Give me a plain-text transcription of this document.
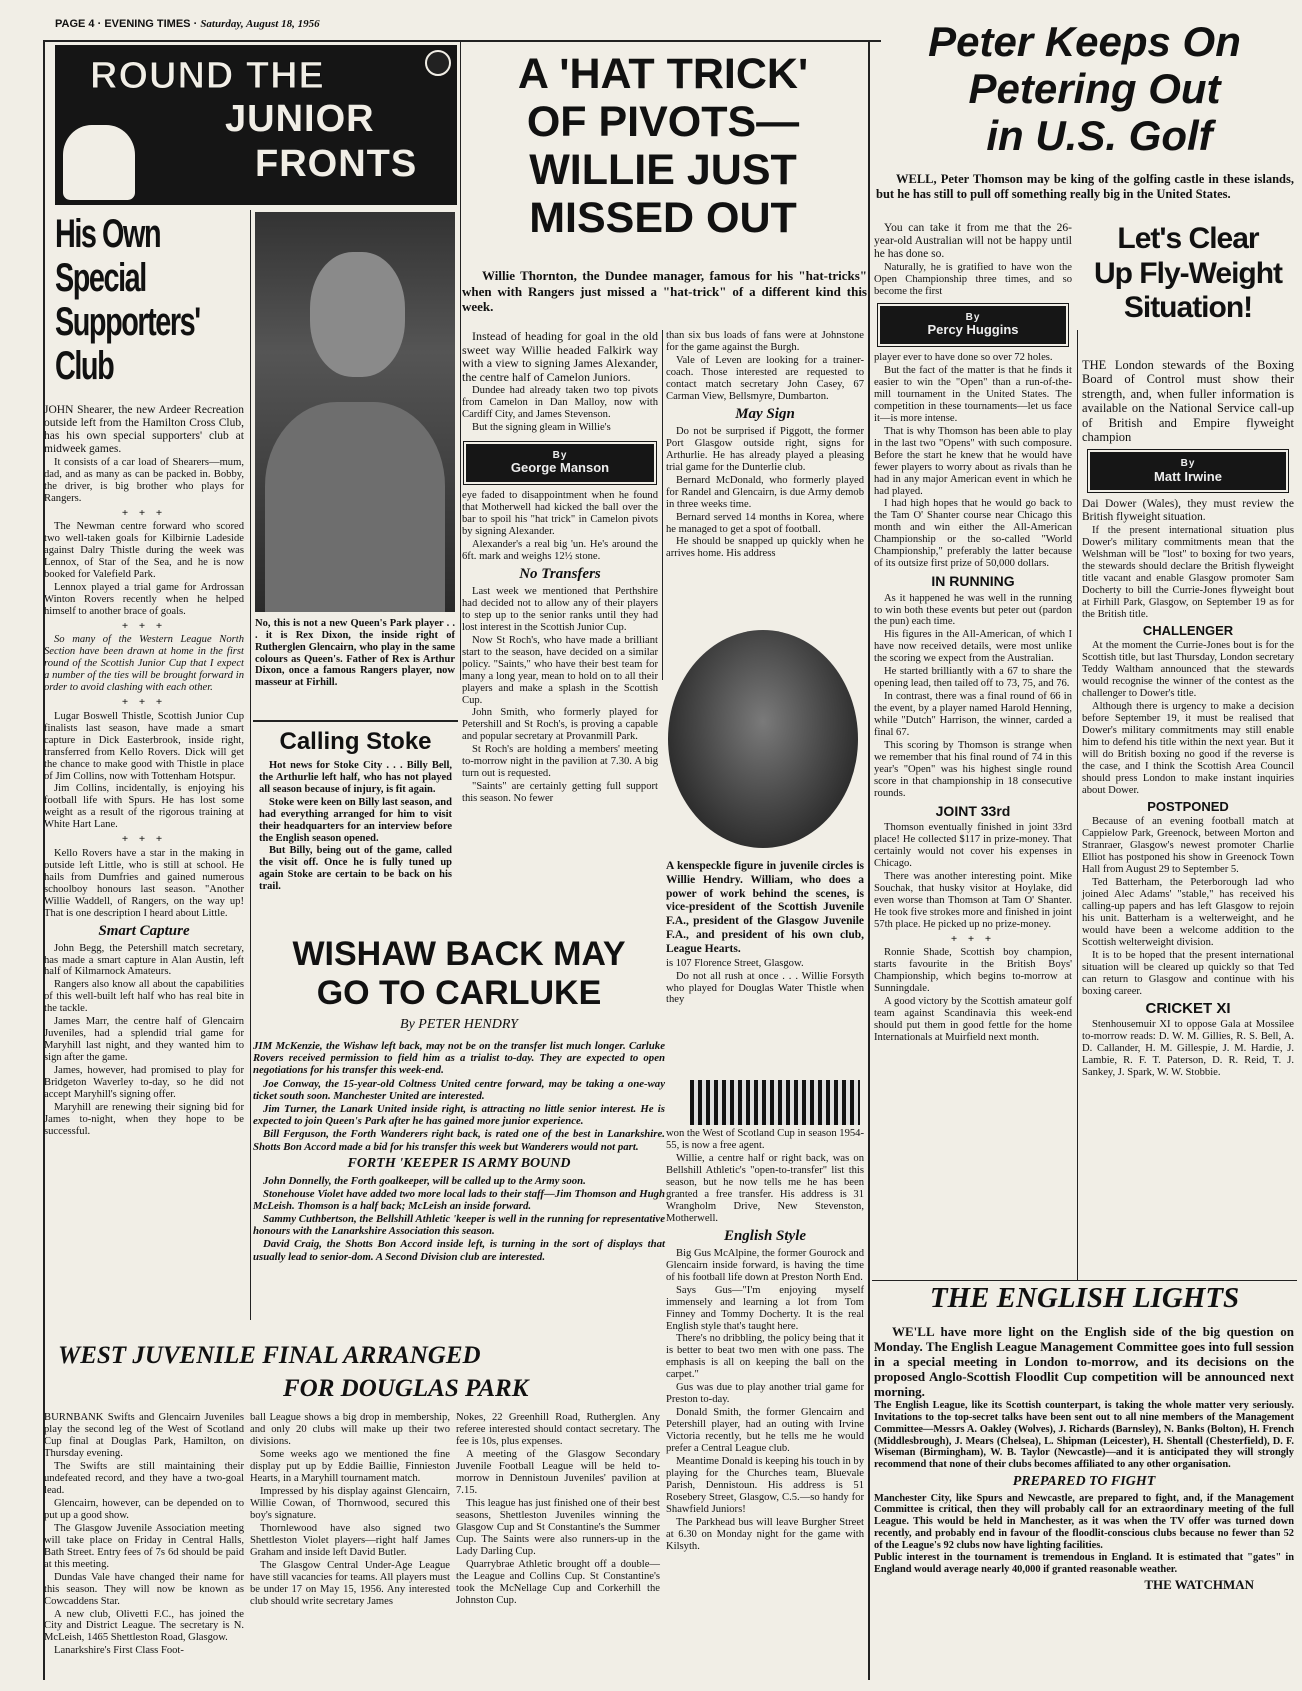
PAGE 4 · EVENING TIMES · Saturday, August 18, 1956
ROUND THE
JUNIOR
FRONTS
His Own Special Supporters' Club

JOHN Shearer, the new Ardeer Recreation outside left from the Hamilton Cross Club, has his own special supporters' club at midweek games.

It consists of a car load of Shearers—mum, dad, and as many as can be packed in. Bobby, the driver, is big brother who plays for Rangers.

+ + +

The Newman centre forward who scored two well-taken goals for Kilbirnie Ladeside against Dalry Thistle during the week was Lennox, of Star of the Sea, and he is now booked for Valefield Park.

Lennox played a trial game for Ardrossan Winton Rovers recently when he helped himself to another brace of goals.

+ + +

So many of the Western League North Section have been drawn at home in the first round of the Scottish Junior Cup that I expect a number of the ties will be brought forward in order to avoid clashing with each other.

+ + +

Lugar Boswell Thistle, Scottish Junior Cup finalists last season, have made a smart capture in Dick Easterbrook, inside right, transferred from Kello Rovers. Dick will get the chance to make good with Thistle in place of Jim Collins, now with Tottenham Hotspur.

Jim Collins, incidentally, is enjoying his football life with Spurs. He has lost some weight as a result of the rigorous training at White Hart Lane.

+ + +

Kello Rovers have a star in the making in outside left Little, who is still at school. He hails from Dumfries and gained numerous schoolboy honours last season. "Another Willie Waddell, of Rangers, on the way up! That is one description I heard about Little.

Smart Capture

John Begg, the Petershill match secretary, has made a smart capture in Alan Austin, left half of Kilmarnock Amateurs.

Rangers also know all about the capabilities of this well-built left half who has real bite in the tackle.

James Marr, the centre half of Glencairn Juveniles, had a splendid trial game for Maryhill last night, and they wanted him to sign after the game.

James, however, had promised to play for Bridgeton Waverley to-day, so he did not accept Maryhill's signing offer.

Maryhill are renewing their signing bid for James to-night, when they hope to be successful.

No, this is not a new Queen's Park player . . . it is Rex Dixon, the inside right of Rutherglen Glencairn, who play in the same colours as Queen's. Father of Rex is Arthur Dixon, once a famous Rangers player, now masseur at Firhill.
Calling Stoke

Hot news for Stoke City . . . Billy Bell, the Arthurlie left half, who has not played all season because of injury, is fit again.

Stoke were keen on Billy last season, and had everything arranged for him to visit their headquarters for an interview before the English season opened.

But Billy, being out of the game, called the visit off. Once he is fully tuned up again Stoke are certain to be back on his trail.

A 'HAT TRICK'
OF PIVOTS—
WILLIE JUST
MISSED OUT
Willie Thornton, the Dundee manager, famous for his "hat-tricks" when with Rangers just missed a "hat-trick" of a different kind this week.

Instead of heading for goal in the old sweet way Willie headed Falkirk way with a view to signing James Alexander, the centre half of Camelon Juniors.

Dundee had already taken two top pivots from Camelon in Dan Malloy, now with Cardiff City, and James Stevenson.

But the signing gleam in Willie's

By
George Manson

eye faded to disappointment when he found that Motherwell had kicked the ball over the bar to spoil his "hat trick" in Camelon pivots by signing Alexander.

Alexander's a real big 'un. He's around the 6ft. mark and weighs 12½ stone.

No Transfers

Last week we mentioned that Perthshire had decided not to allow any of their players to step up to the senior ranks until they had lost interest in the Scottish Junior Cup.

Now St Roch's, who have made a brilliant start to the season, have decided on a similar policy. "Saints," who have their best team for many a long year, mean to hold on to all their players and make a splash in the Scottish Cup.

John Smith, who formerly played for Petershill and St Roch's, is proving a capable and popular secretary at Provanmill Park.

St Roch's are holding a members' meeting to-morrow night in the pavilion at 7.30. A big turn out is requested.

"Saints" are certainly getting full support this season. No fewer

than six bus loads of fans were at Johnstone for the game against the Burgh.

Vale of Leven are looking for a trainer-coach. Those interested are requested to contact match secretary John Casey, 67 Carman View, Bellsmyre, Dumbarton.

May Sign

Do not be surprised if Piggott, the former Port Glasgow outside right, signs for Arthurlie. He has already played a pleasing trial game for the Dunterlie club.

Bernard McDonald, who formerly played for Randel and Glencairn, is due Army demob in three weeks time.

Bernard served 14 months in Korea, where he managed to get a spot of football.

He should be snapped up quickly when he arrives home. His address

A kenspeckle figure in juvenile circles is Willie Hendry. William, who does a power of work behind the scenes, is vice-president of the Scottish Juvenile F.A., president of the Glasgow Juvenile F.A., and president of his own club, League Hearts.

is 107 Florence Street, Glasgow.

Do not all rush at once . . . Willie Forsyth who played for Douglas Water Thistle when they

WISHAW BACK MAY
GO TO CARLUKE
By PETER HENDRY

JIM McKenzie, the Wishaw left back, may not be on the transfer list much longer. Carluke Rovers received permission to field him as a trialist to-day. They are expected to open negotiations for his transfer this week-end.

Joe Conway, the 15-year-old Coltness United centre forward, may be taking a one-way ticket south soon. Manchester United are interested.

Jim Turner, the Lanark United inside right, is attracting no little senior interest. He is expected to join Queen's Park after he has gained more junior experience.

Bill Ferguson, the Forth Wanderers right back, is rated one of the best in Lanarkshire. Shotts Bon Accord made a bid for his transfer this week but Wanderers would not part.

FORTH 'KEEPER IS ARMY BOUND

John Donnelly, the Forth goalkeeper, will be called up to the Army soon.

Stonehouse Violet have added two more local lads to their staff—Jim Thomson and Hugh McLeish. Thomson is a half back; McLeish an inside forward.

Sammy Cuthbertson, the Bellshill Athletic 'keeper is well in the running for representative honours with the Lanarkshire Association this season.

David Craig, the Shotts Bon Accord inside left, is turning in the sort of displays that usually lead to senior-dom. A Second Division club are interested.

won the West of Scotland Cup in season 1954-55, is now a free agent.

Willie, a centre half or right back, was on Bellshill Athletic's "open-to-transfer" list this season, but he now tells me he has been granted a free transfer. His address is 31 Wrangholm Drive, New Stevenston, Motherwell.

English Style

Big Gus McAlpine, the former Gourock and Glencairn inside forward, is having the time of his football life down at Preston North End.

Says Gus—"I'm enjoying myself immensely and learning a lot from Tom Finney and Tommy Docherty. It is the real English style that's taught here.

There's no dribbling, the policy being that it is better to beat two men with one pass. The emphasis is all on keeping the ball on the carpet."

Gus was due to play another trial game for Preston to-day.

Donald Smith, the former Glencairn and Petershill player, had an outing with Irvine Victoria recently, but he tells me he would prefer a Central League club.

Meantime Donald is keeping his touch in by playing for the Churches team, Bluevale Parish, Dennistoun. His address is 51 Rosebery Street, Glasgow, C.5.—so handy for Shawfield Juniors!

The Parkhead bus will leave Burgher Street at 6.30 on Monday night for the game with Kilsyth.

WEST JUVENILE FINAL ARRANGED
FOR DOUGLAS PARK

BURNBANK Swifts and Glencairn Juveniles play the second leg of the West of Scotland Cup final at Douglas Park, Hamilton, on Thursday evening.

The Swifts are still maintaining their undefeated record, and they have a two-goal lead.

Glencairn, however, can be depended on to put up a good show.

The Glasgow Juvenile Association meeting will take place on Friday in Central Halls, Bath Street. Entry fees of 7s 6d should be paid at this meeting.

Dundas Vale have changed their name for this season. They will now be known as Cowcaddens Star.

A new club, Olivetti F.C., has joined the City and District League. The secretary is N. McLeish, 1465 Shettleston Road, Glasgow.

Lanarkshire's First Class Foot-

ball League shows a big drop in membership, and only 20 clubs will make up their two divisions.

Some weeks ago we mentioned the fine display put up by Eddie Baillie, Finnieston Hearts, in a Maryhill tournament match.

Impressed by his display against Glencairn, Willie Cowan, of Thornwood, secured this boy's signature.

Thornlewood have also signed two Shettleston Violet players—right half James Graham and inside left David Butler.

The Glasgow Central Under-Age League have still vacancies for teams. All players must be under 17 on May 15, 1956. Any interested club should write secretary James

Nokes, 22 Greenhill Road, Rutherglen. Any referee interested should contact secretary. The fee is 10s, plus expenses.

A meeting of the Glasgow Secondary Juvenile Football League will be held to-morrow in Dennistoun Juveniles' pavilion at 7.15.

This league has just finished one of their best seasons, Shettleston Juveniles winning the Glasgow Cup and St Constantine's the Summer Cup. The Saints were also runners-up in the Lady Darling Cup.

Quarrybrae Athletic brought off a double—the League and Collins Cup. St Constantine's took the McNellage Cup and Corkerhill the Johnston Cup.

Peter Keeps On
Petering Out
in U.S. Golf
WELL, Peter Thomson may be king of the golfing castle in these islands, but he has still to pull off something really big in the United States.

You can take it from me that the 26-year-old Australian will not be happy until he has done so.

Naturally, he is gratified to have won the Open Championship three times, and so become the first

By
Percy Huggins

player ever to have done so over 72 holes.

But the fact of the matter is that he finds it easier to win the "Open" than a run-of-the-mill tournament in the United States. The competition in these tournaments—let us face it—is more intense.

That is why Thomson has been able to play in the last two "Opens" with such composure. Before the start he knew that he would have fewer players to worry about as rivals than he had in any major American event in which he had played.

I had high hopes that he would go back to the Tam O' Shanter course near Chicago this month and win either the All-American Championship or the so-called "World Championship," preferably the latter because of its outsize first prize of 50,000 dollars.

IN RUNNING

As it happened he was well in the running to win both these events but peter out (pardon the pun) each time.

His figures in the All-American, of which I have now received details, were most unlike the scoring we expect from the Australian.

He started brilliantly with a 67 to share the opening lead, then tailed off to 73, 75, and 76.

In contrast, there was a final round of 66 in the event, by a player named Harold Henning, while "Dutch" Harrison, the winner, carded a final 67.

This scoring by Thomson is strange when we remember that his final round of 74 in this year's "Open" was his highest single round score in that championship in 18 consecutive rounds.

JOINT 33rd

Thomson eventually finished in joint 33rd place! He collected $117 in prize-money. That certainly would not cover his expenses in Chicago.

There was another interesting point. Mike Souchak, that husky visitor at Hoylake, did even worse than Thomson at Tam O' Shanter. He took five strokes more and finished in joint 57th place. He picked up no prize-money.

+ + +

Ronnie Shade, Scottish boy champion, starts favourite in the British Boys' Championship, which begins to-morrow at Sunningdale.

A good victory by the Scottish amateur golf team against Scandinavia this week-end should put them in good fettle for the home Internationals at Muirfield next month.

Let's Clear
Up Fly-Weight
Situation!

THE London stewards of the Boxing Board of Control must show their strength, and, when fuller information is available on the National Service call-up of British and Empire flyweight champion

By
Matt Irwine

Dai Dower (Wales), they must review the British flyweight situation.

If the present international situation plus Dower's military commitments mean that the Welshman will be "lost" to boxing for two years, the stewards should declare the British flyweight title vacant and enable Glasgow promoter Sam Docherty to bill the Currie-Jones flyweight bout at Firhill Park, Glasgow, on September 19 as for the British title.

CHALLENGER

At the moment the Currie-Jones bout is for the Scottish title, but last Thursday, London secretary Teddy Waltham announced that the stewards would recognise the winner of the contest as the challenger to Dower's title.

Although there is urgency to make a decision before September 19, it must be realised that Dower's military commitments may still enable him to defend his title within the next year. But it will do British boxing no good if the reverse is the case, and I think the Scottish Area Council should press London to make instant inquiries about Dower.

POSTPONED

Because of an evening football match at Cappielow Park, Greenock, between Morton and Stranraer, Glasgow's newest promoter Charlie Elliot has postponed his show in Greenock Town Hall from August 29 to September 5.

Ted Batterham, the Peterborough lad who joined Alec Adams' "stable," has received his calling-up papers and has left Glasgow to rejoin his unit. Batterham is a welterweight, and he would have been a welcome addition to the Scottish welterweight division.

It is to be hoped that the present international situation will be cleared up quickly so that Ted can return to Glasgow and continue with his boxing career.

CRICKET XI

Stenhousemuir XI to oppose Gala at Mossilee to-morrow reads: D. W. M. Gillies, R. S. Bell, A. D. Callander, H. M. Gillespie, J. M. Hardie, J. Lambie, R. F. T. Paterson, D. R. Reid, T. J. Sankey, J. Spark, W. W. Stobbie.

THE ENGLISH LIGHTS

WE'LL have more light on the English side of the big question on Monday. The English League Management Committee goes into full session in a special meeting in London to-morrow, and its decisions on the proposed Anglo-Scottish Floodlit Cup competition will be announced next morning.

The English League, like its Scottish counterpart, is taking the whole matter very seriously. Invitations to the top-secret talks have been sent out to all nine members of the Management Committee—Messrs A. Oakley (Wolves), J. Richards (Barnsley), N. Banks (Bolton), H. French (Middlesbrough), J. Mears (Chelsea), L. Shipman (Leicester), H. Shentall (Chesterfield), D. F. Wiseman (Birmingham), W. B. Taylor (Newcastle)—and it is anticipated they will strongly recommend that none of their clubs becomes affiliated to any other organisation.

PREPARED TO FIGHT

Manchester City, like Spurs and Newcastle, are prepared to fight, and, if the Management Committee is critical, then they will probably call for an extraordinary meeting of the full League. This would be held in Manchester, as it was when the TV offer was turned down recently, and probably end in favour of the floodlit-conscious clubs because no fewer than 52 of the League's 92 clubs now have lighting facilities.

Public interest in the tournament is tremendous in England. It is estimated that "gates" in England would average nearly 40,000 if granted reasonable weather.

THE WATCHMAN
